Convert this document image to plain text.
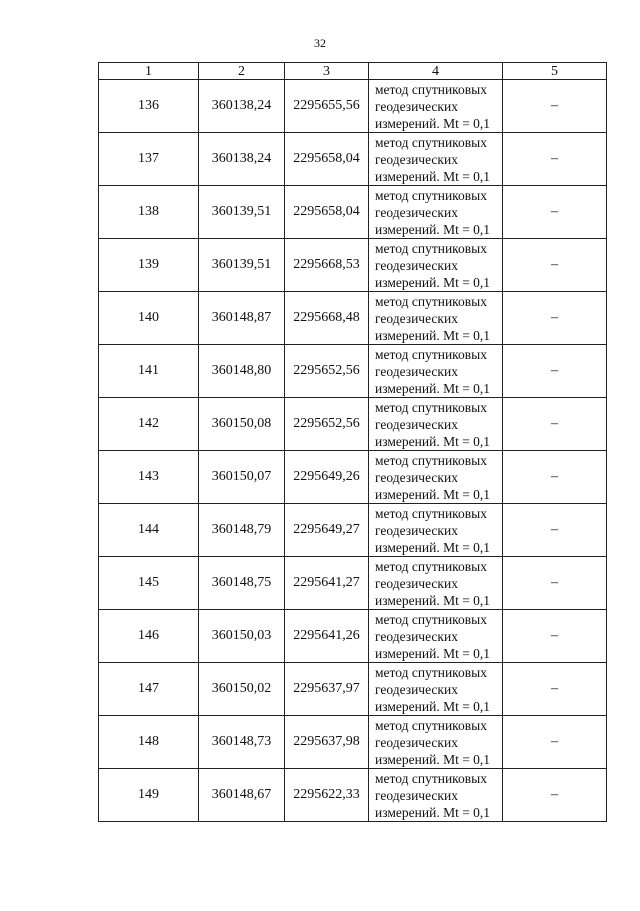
32
1	2	3	4	5
136	360138,24	2295655,56	метод спутниковых
геодезических
измерений. Mt = 0,1	–
137	360138,24	2295658,04	метод спутниковых
геодезических
измерений. Mt = 0,1	–
138	360139,51	2295658,04	метод спутниковых
геодезических
измерений. Mt = 0,1	–
139	360139,51	2295668,53	метод спутниковых
геодезических
измерений. Mt = 0,1	–
140	360148,87	2295668,48	метод спутниковых
геодезических
измерений. Mt = 0,1	–
141	360148,80	2295652,56	метод спутниковых
геодезических
измерений. Mt = 0,1	–
142	360150,08	2295652,56	метод спутниковых
геодезических
измерений. Mt = 0,1	–
143	360150,07	2295649,26	метод спутниковых
геодезических
измерений. Mt = 0,1	–
144	360148,79	2295649,27	метод спутниковых
геодезических
измерений. Mt = 0,1	–
145	360148,75	2295641,27	метод спутниковых
геодезических
измерений. Mt = 0,1	–
146	360150,03	2295641,26	метод спутниковых
геодезических
измерений. Mt = 0,1	–
147	360150,02	2295637,97	метод спутниковых
геодезических
измерений. Mt = 0,1	–
148	360148,73	2295637,98	метод спутниковых
геодезических
измерений. Mt = 0,1	–
149	360148,67	2295622,33	метод спутниковых
геодезических
измерений. Mt = 0,1	–
